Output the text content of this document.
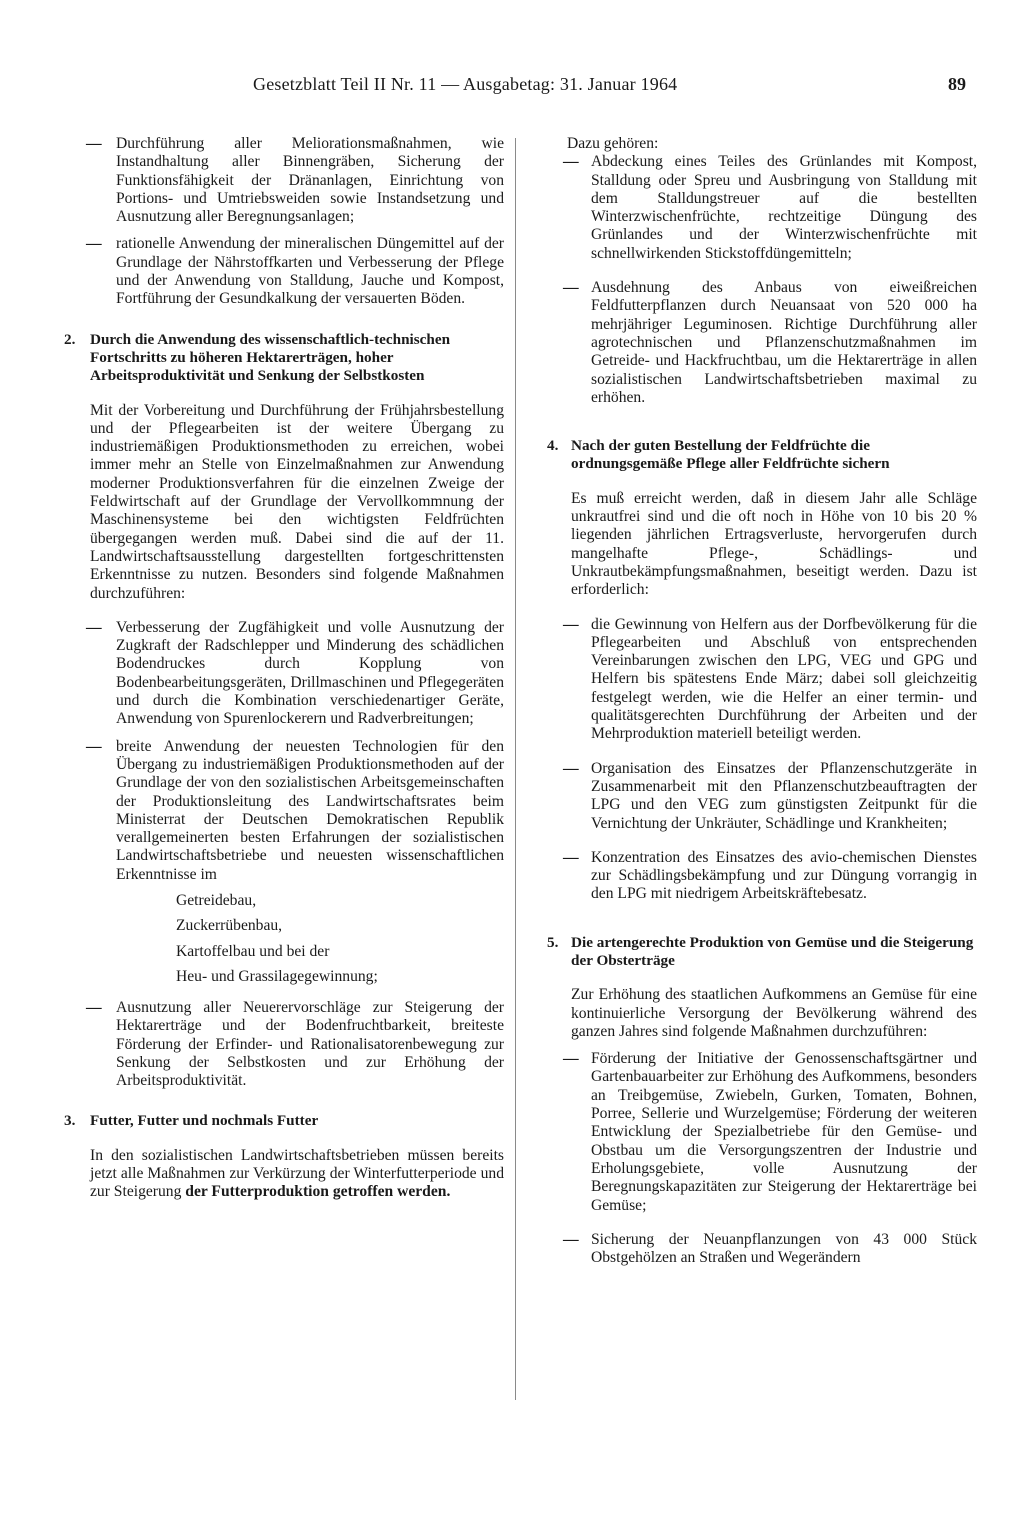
Gesetzblatt Teil II Nr. 11 — Ausgabetag: 31. Januar 1964	89
— Durchführung aller Meliorationsmaßnahmen, wie Instandhaltung aller Binnengräben, Sicherung der Funktionsfähigkeit der Dränanlagen, Einrichtung von Portions- und Umtriebsweiden sowie Instandsetzung und Ausnutzung aller Beregnungsanlagen;
— rationelle Anwendung der mineralischen Düngemittel auf der Grundlage der Nährstoffkarten und Verbesserung der Pflege und der Anwendung von Stalldung, Jauche und Kompost, Fortführung der Gesundkalkung der versauerten Böden.
2. Durch die Anwendung des wissenschaftlich-technischen Fortschritts zu höheren Hektarerträgen, hoher Arbeitsproduktivität und Senkung der Selbstkosten
Mit der Vorbereitung und Durchführung der Frühjahrsbestellung und der Pflegearbeiten ist der weitere Übergang zu industriemäßigen Produktionsmethoden zu erreichen, wobei immer mehr an Stelle von Einzelmaßnahmen zur Anwendung moderner Produktionsverfahren für die einzelnen Zweige der Feldwirtschaft auf der Grundlage der Vervollkommnung der Maschinensysteme bei den wichtigsten Feldfrüchten übergegangen werden muß. Dabei sind die auf der 11. Landwirtschaftsausstellung dargestellten fortgeschrittensten Erkenntnisse zu nutzen. Besonders sind folgende Maßnahmen durchzuführen:
— Verbesserung der Zugfähigkeit und volle Ausnutzung der Zugkraft der Radschlepper und Minderung des schädlichen Bodendruckes durch Kopplung von Bodenbearbeitungsgeräten, Drillmaschinen und Pflegegeräten und durch die Kombination verschiedenartiger Geräte, Anwendung von Spurenlockerern und Radverbreitungen;
— breite Anwendung der neuesten Technologien für den Übergang zu industriemäßigen Produktionsmethoden auf der Grundlage der von den sozialistischen Arbeitsgemeinschaften der Produktionsleitung des Landwirtschaftsrates beim Ministerrat der Deutschen Demokratischen Republik verallgemeinerten besten Erfahrungen der sozialistischen Landwirtschaftsbetriebe und neuesten wissenschaftlichen Erkenntnisse im
Getreidebau,
Zuckerrübenbau,
Kartoffelbau und bei der
Heu- und Grassilagegewinnung;
— Ausnutzung aller Neuerervorschläge zur Steigerung der Hektarerträge und der Bodenfruchtbarkeit, breiteste Förderung der Erfinder- und Rationalisatorenbewegung zur Senkung der Selbstkosten und zur Erhöhung der Arbeitsproduktivität.
3. Futter, Futter und nochmals Futter
In den sozialistischen Landwirtschaftsbetrieben müssen bereits jetzt alle Maßnahmen zur Verkürzung der Winterfutterperiode und zur Steigerung der Futterproduktion getroffen werden.
Dazu gehören:
— Abdeckung eines Teiles des Grünlandes mit Kompost, Stalldung oder Spreu und Ausbringung von Stalldung mit dem Stalldungstreuer auf die bestellten Winterzwischenfrüchte, rechtzeitige Düngung des Grünlandes und der Winterzwischenfrüchte mit schnellwirkenden Stickstoffdüngemitteln;
— Ausdehnung des Anbaus von eiweißreichen Feldfutterpflanzen durch Neuansaat von 520 000 ha mehrjähriger Leguminosen. Richtige Durchführung aller agrotechnischen und Pflanzenschutzmaßnahmen im Getreide- und Hackfruchtbau, um die Hektarerträge in allen sozialistischen Landwirtschaftsbetrieben maximal zu erhöhen.
4. Nach der guten Bestellung der Feldfrüchte die ordnungsgemäße Pflege aller Feldfrüchte sichern
Es muß erreicht werden, daß in diesem Jahr alle Schläge unkrautfrei sind und die oft noch in Höhe von 10 bis 20 % liegenden jährlichen Ertragsverluste, hervorgerufen durch mangelhafte Pflege-, Schädlings- und Unkrautbekämpfungsmaßnahmen, beseitigt werden. Dazu ist erforderlich:
— die Gewinnung von Helfern aus der Dorfbevölkerung für die Pflegearbeiten und Abschluß von entsprechenden Vereinbarungen zwischen den LPG, VEG und GPG und Helfern bis spätestens Ende März; dabei soll gleichzeitig festgelegt werden, wie die Helfer an einer termin- und qualitätsgerechten Durchführung der Arbeiten und der Mehrproduktion materiell beteiligt werden.
— Organisation des Einsatzes der Pflanzenschutzgeräte in Zusammenarbeit mit den Pflanzenschutzbeauftragten der LPG und den VEG zum günstigsten Zeitpunkt für die Vernichtung der Unkräuter, Schädlinge und Krankheiten;
— Konzentration des Einsatzes des avio-chemischen Dienstes zur Schädlingsbekämpfung und zur Düngung vorrangig in den LPG mit niedrigem Arbeitskräftebesatz.
5. Die artengerechte Produktion von Gemüse und die Steigerung der Obsterträge
Zur Erhöhung des staatlichen Aufkommens an Gemüse für eine kontinuierliche Versorgung der Bevölkerung während des ganzen Jahres sind folgende Maßnahmen durchzuführen:
— Förderung der Initiative der Genossenschaftsgärtner und Gartenbauarbeiter zur Erhöhung des Aufkommens, besonders an Treibgemüse, Zwiebeln, Gurken, Tomaten, Bohnen, Porree, Sellerie und Wurzelgemüse; Förderung der weiteren Entwicklung der Spezialbetriebe für den Gemüse- und Obstbau um die Versorgungszentren der Industrie und Erholungsgebiete, volle Ausnutzung der Beregnungskapazitäten zur Steigerung der Hektarerträge bei Gemüse;
— Sicherung der Neuanpflanzungen von 43 000 Stück Obstgehölzen an Straßen und Wegerändern
